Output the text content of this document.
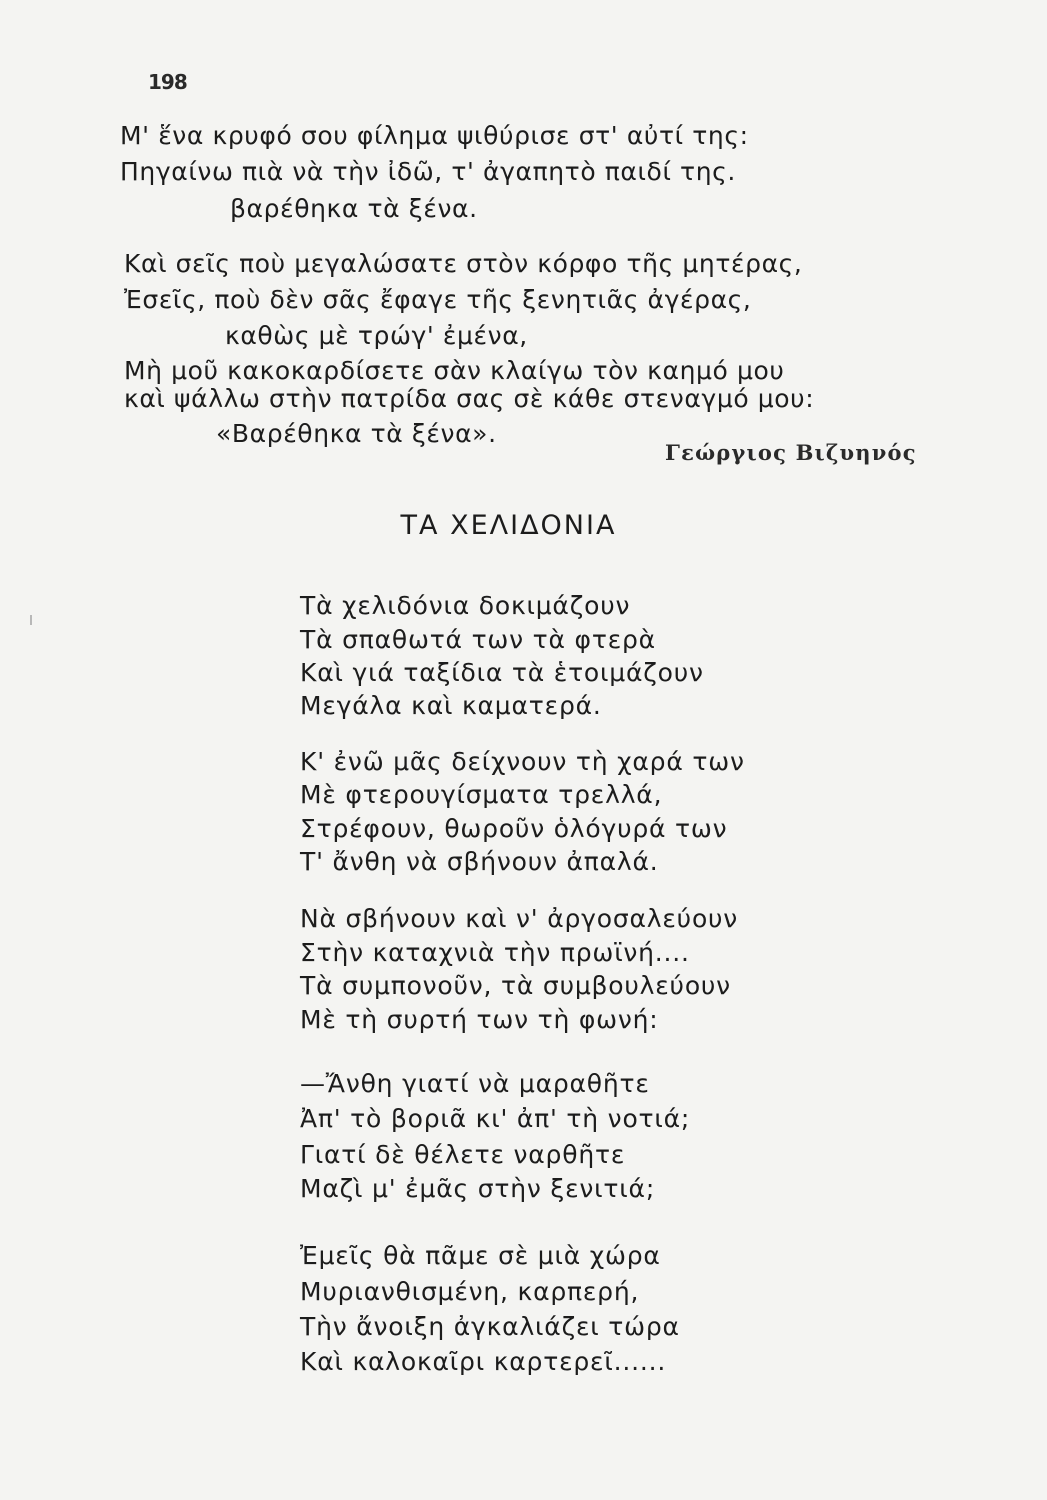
198
Μ' ἕνα κρυφό σου φίλημα ψιθύρισε στ' αὐτί της:
Πηγαίνω πιὰ νὰ τὴν ἰδῶ, τ' ἀγαπητὸ παιδί της.
βαρέθηκα τὰ ξένα.
Καὶ σεῖς ποὺ μεγαλώσατε στὸν κόρφο τῆς μητέρας,
Ἐσεῖς, ποὺ δὲν σᾶς ἔφαγε τῆς ξενητιᾶς ἀγέρας,
καθὼς μὲ τρώγ' ἐμένα,
Μὴ μοῦ κακοκαρδίσετε σὰν κλαίγω τὸν καημό μου
καὶ ψάλλω στὴν πατρίδα σας σὲ κάθε στεναγμό μου:
«Βαρέθηκα τὰ ξένα».
Γεώργιος Βιζυηνός
ΤΑ ΧΕΛΙΔΟΝΙΑ
Τὰ χελιδόνια δοκιμάζουν
Τὰ σπαθωτά των τὰ φτερὰ
Καὶ γιά ταξίδια τὰ ἑτοιμάζουν
Μεγάλα καὶ καματερά.
Κ' ἐνῶ μᾶς δείχνουν τὴ χαρά των
Μὲ φτερουγίσματα τρελλά,
Στρέφουν, θωροῦν ὁλόγυρά των
Τ' ἄνθη νὰ σβήνουν ἀπαλά.
Νὰ σβήνουν καὶ ν' ἀργοσαλεύουν
Στὴν καταχνιὰ τὴν πρωϊνή....
Τὰ συμπονοῦν, τὰ συμβουλεύουν
Μὲ τὴ συρτή των τὴ φωνή:
—Ἄνθη γιατί νὰ μαραθῆτε
Ἀπ' τὸ βοριᾶ κι' ἀπ' τὴ νοτιά;
Γιατί δὲ θέλετε ναρθῆτε
Μαζὶ μ' ἐμᾶς στὴν ξενιτιά;
Ἐμεῖς θὰ πᾶμε σὲ μιὰ χώρα
Μυριανθισμένη, καρπερή,
Τὴν ἄνοιξη ἀγκαλιάζει τώρα
Καὶ καλοκαῖρι καρτερεῖ......
